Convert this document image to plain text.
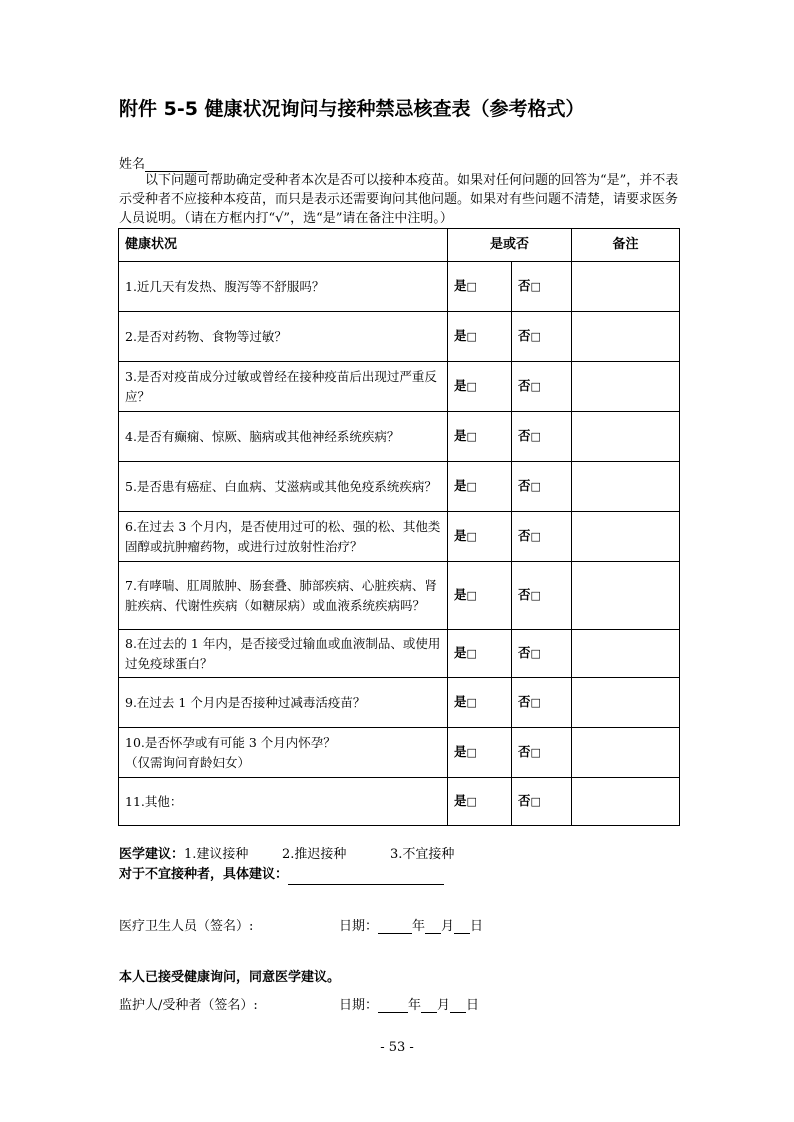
附件 5-5 健康状况询问与接种禁忌核查表（参考格式）
姓名

以下问题可帮助确定受种者本次是否可以接种本疫苗。如果对任何问题的回答为“是”，并不表示受种者不应接种本疫苗，而只是表示还需要询问其他问题。如果对有些问题不清楚，请要求医务人员说明。（请在方框内打“√”，选“是”请在备注中注明。）

健康状况	是或否		备注
1.近几天有发热、腹泻等不舒服吗？	是□	否□	
2.是否对药物、食物等过敏？	是□	否□	
3.是否对疫苗成分过敏或曾经在接种疫苗后出现过严重反应？	是□	否□	
4.是否有癫痫、惊厥、脑病或其他神经系统疾病？	是□	否□	
5.是否患有癌症、白血病、艾滋病或其他免疫系统疾病？	是□	否□	
6.在过去 3 个月内，是否使用过可的松、强的松、其他类固醇或抗肿瘤药物，或进行过放射性治疗？	是□	否□	
7.有哮喘、肛周脓肿、肠套叠、肺部疾病、心脏疾病、肾脏疾病、代谢性疾病（如糖尿病）或血液系统疾病吗？	是□	否□	
8.在过去的 1 年内，是否接受过输血或血液制品、或使用过免疫球蛋白？	是□	否□	
9.在过去 1 个月内是否接种过减毒活疫苗？	是□	否□	
10.是否怀孕或有可能 3 个月内怀孕？
（仅需询问育龄妇女）	是□	否□	
11.其他：	是□	否□	
医学建议：1.建议接种	2.推迟接种	3.不宜接种
对于不宜接种者，具体建议：
医疗卫生人员（签名）:	日期：	年 月 日
本人已接受健康询问，同意医学建议。
监护人/受种者（签名）:	日期： 年 月 日
- 53 -
